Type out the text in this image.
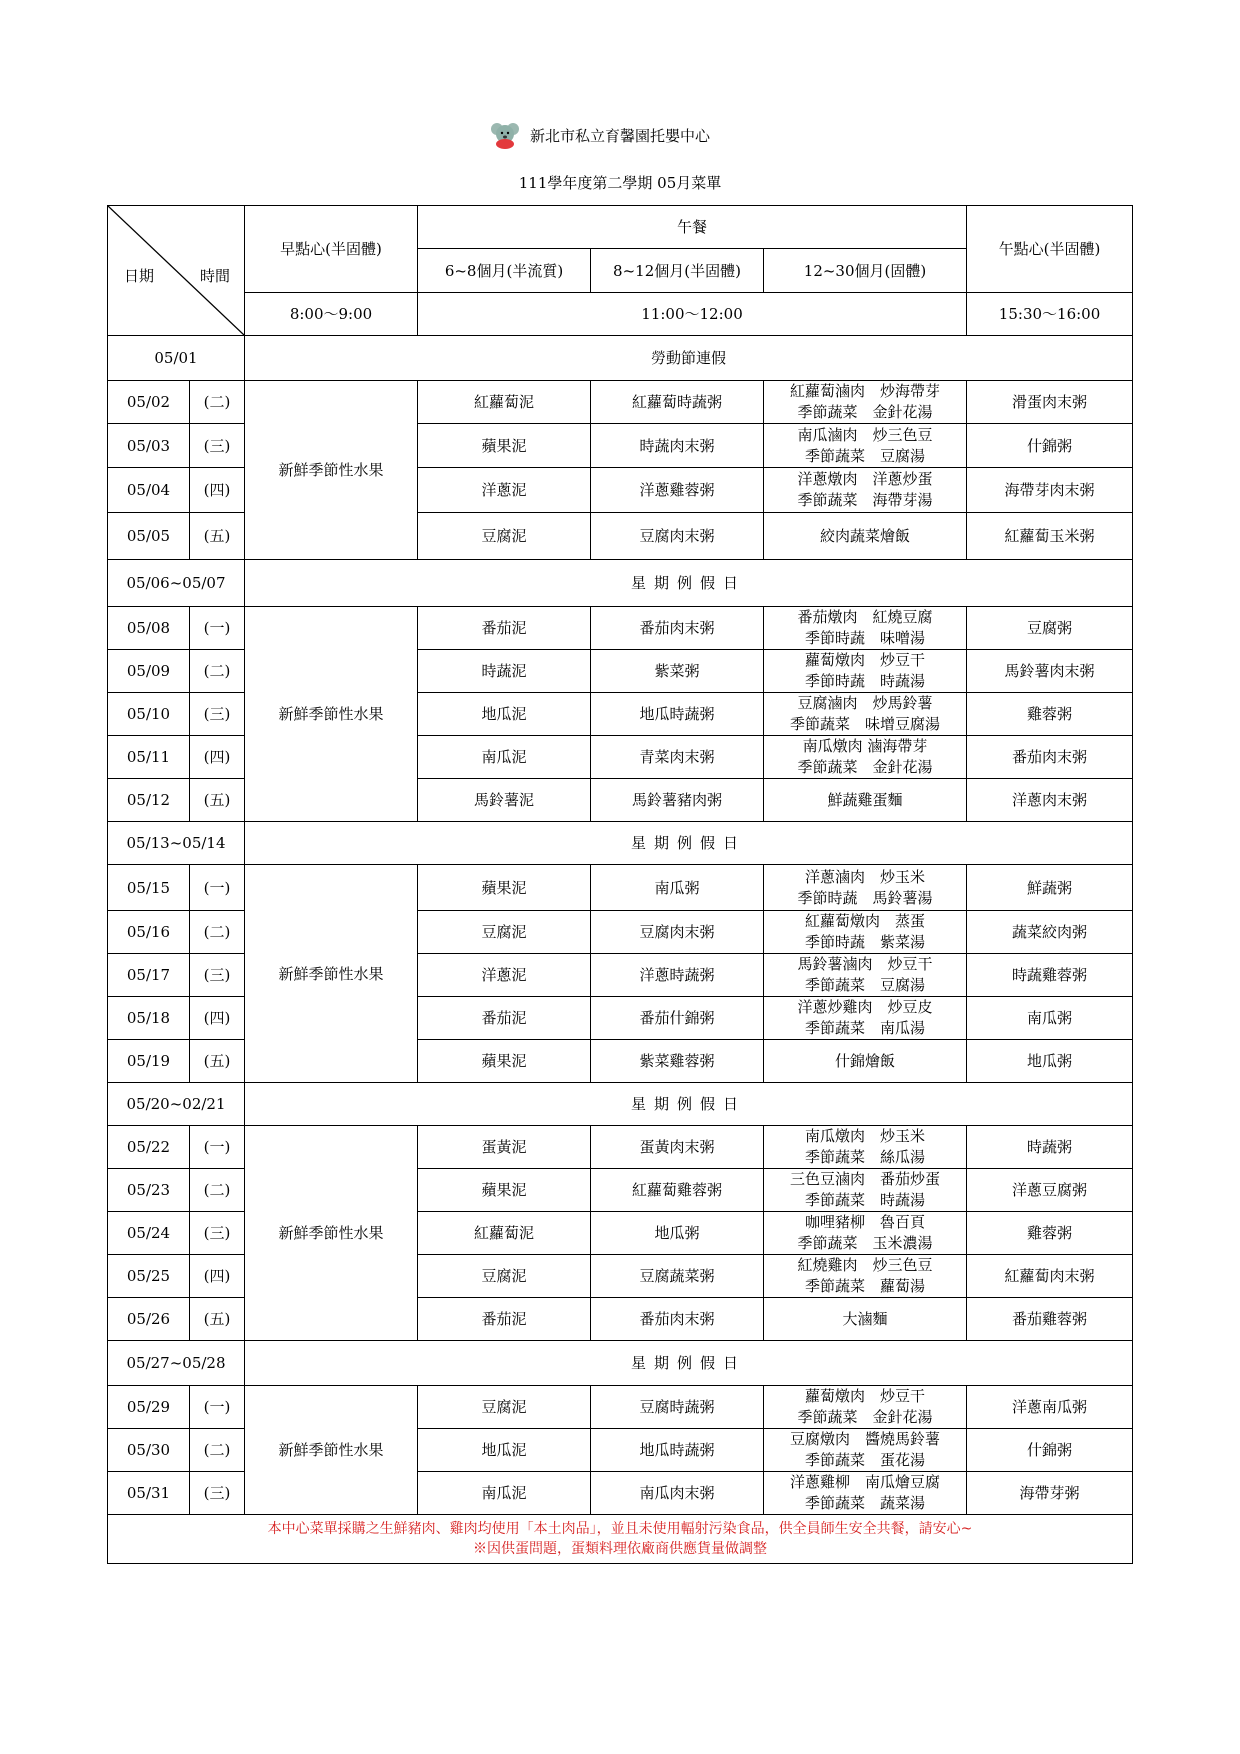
新北市私立育馨園托嬰中心
111學年度第二學期 05月菜單
日期 時間		早點心(半固體)	午餐			午點心(半固體)
			6~8個月(半流質)	8~12個月(半固體)	12~30個月(固體)	
		8:00～9:00	11:00～12:00			15:30～16:00
05/01		勞動節連假				
05/02	(二)	新鮮季節性水果	紅蘿蔔泥	紅蘿蔔時蔬粥	紅蘿蔔滷肉　炒海帶芽
季節蔬菜　金針花湯	滑蛋肉末粥
05/03	(三)		蘋果泥	時蔬肉末粥	南瓜滷肉　炒三色豆
季節蔬菜　豆腐湯	什錦粥
05/04	(四)		洋蔥泥	洋蔥雞蓉粥	洋蔥燉肉　洋蔥炒蛋
季節蔬菜　海帶芽湯	海帶芽肉末粥
05/05	(五)		豆腐泥	豆腐肉末粥	絞肉蔬菜燴飯	紅蘿蔔玉米粥
05/06~05/07		星期例假日				
05/08	(一)	新鮮季節性水果	番茄泥	番茄肉末粥	番茄燉肉　紅燒豆腐
季節時蔬　味噌湯	豆腐粥
05/09	(二)		時蔬泥	紫菜粥	蘿蔔燉肉　炒豆干
季節時蔬　時蔬湯	馬鈴薯肉末粥
05/10	(三)		地瓜泥	地瓜時蔬粥	豆腐滷肉　炒馬鈴薯
季節蔬菜　味增豆腐湯	雞蓉粥
05/11	(四)		南瓜泥	青菜肉末粥	南瓜燉肉 滷海帶芽
季節蔬菜　金針花湯	番茄肉末粥
05/12	(五)		馬鈴薯泥	馬鈴薯豬肉粥	鮮蔬雞蛋麵	洋蔥肉末粥
05/13~05/14		星期例假日				
05/15	(一)	新鮮季節性水果	蘋果泥	南瓜粥	洋蔥滷肉　炒玉米
季節時蔬　馬鈴薯湯	鮮蔬粥
05/16	(二)		豆腐泥	豆腐肉末粥	紅蘿蔔燉肉　蒸蛋
季節時蔬　紫菜湯	蔬菜絞肉粥
05/17	(三)		洋蔥泥	洋蔥時蔬粥	馬鈴薯滷肉　炒豆干
季節蔬菜　豆腐湯	時蔬雞蓉粥
05/18	(四)		番茄泥	番茄什錦粥	洋蔥炒雞肉　炒豆皮
季節蔬菜　南瓜湯	南瓜粥
05/19	(五)		蘋果泥	紫菜雞蓉粥	什錦燴飯	地瓜粥
05/20~02/21		星期例假日				
05/22	(一)	新鮮季節性水果	蛋黃泥	蛋黃肉末粥	南瓜燉肉　炒玉米
季節蔬菜　絲瓜湯	時蔬粥
05/23	(二)		蘋果泥	紅蘿蔔雞蓉粥	三色豆滷肉　番茄炒蛋
季節蔬菜　時蔬湯	洋蔥豆腐粥
05/24	(三)		紅蘿蔔泥	地瓜粥	咖哩豬柳　魯百頁
季節蔬菜　玉米濃湯	雞蓉粥
05/25	(四)		豆腐泥	豆腐蔬菜粥	紅燒雞肉　炒三色豆
季節蔬菜　蘿蔔湯	紅蘿蔔肉末粥
05/26	(五)		番茄泥	番茄肉末粥	大滷麵	番茄雞蓉粥
05/27~05/28		星期例假日				
05/29	(一)	新鮮季節性水果	豆腐泥	豆腐時蔬粥	蘿蔔燉肉　炒豆干
季節蔬菜　金針花湯	洋蔥南瓜粥
05/30	(二)		地瓜泥	地瓜時蔬粥	豆腐燉肉　醬燒馬鈴薯
季節蔬菜　蛋花湯	什錦粥
05/31	(三)		南瓜泥	南瓜肉末粥	洋蔥雞柳　南瓜燴豆腐
季節蔬菜　蔬菜湯	海帶芽粥

本中心菜單採購之生鮮豬肉、雞肉均使用「本土肉品」，並且未使用輻射污染食品，供全員師生安全共餐，請安心~
※因供蛋問題，蛋類料理依廠商供應貨量做調整						
